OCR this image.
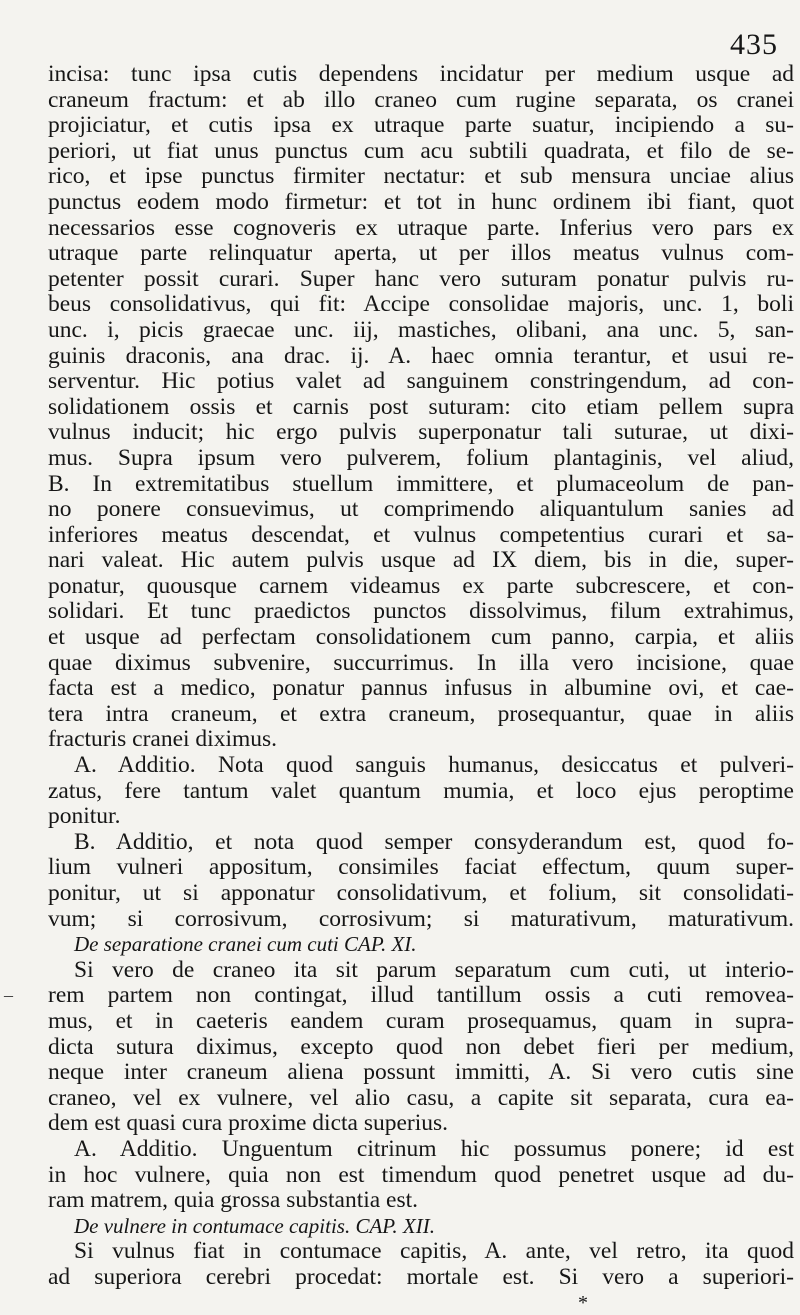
435
incisa: tunc ipsa cutis dependens incidatur per medium usque ad
craneum fractum: et ab illo craneo cum rugine separata, os cranei
projiciatur, et cutis ipsa ex utraque parte suatur, incipiendo a su-
periori, ut fiat unus punctus cum acu subtili quadrata, et filo de se-
rico, et ipse punctus firmiter nectatur: et sub mensura unciae alius
punctus eodem modo firmetur: et tot in hunc ordinem ibi fiant, quot
necessarios esse cognoveris ex utraque parte. Inferius vero pars ex
utraque parte relinquatur aperta, ut per illos meatus vulnus com-
petenter possit curari. Super hanc vero suturam ponatur pulvis ru-
beus consolidativus, qui fit: Accipe consolidae majoris, unc. 1, boli
unc. i, picis graecae unc. iij, mastiches, olibani, ana unc. 5, san-
guinis draconis, ana drac. ij. A. haec omnia terantur, et usui re-
serventur. Hic potius valet ad sanguinem constringendum, ad con-
solidationem ossis et carnis post suturam: cito etiam pellem supra
vulnus inducit; hic ergo pulvis superponatur tali suturae, ut dixi-
mus. Supra ipsum vero pulverem, folium plantaginis, vel aliud,
B. In extremitatibus stuellum immittere, et plumaceolum de pan-
no ponere consuevimus, ut comprimendo aliquantulum sanies ad
inferiores meatus descendat, et vulnus competentius curari et sa-
nari valeat. Hic autem pulvis usque ad IX diem, bis in die, super-
ponatur, quousque carnem videamus ex parte subcrescere, et con-
solidari. Et tunc praedictos punctos dissolvimus, filum extrahimus,
et usque ad perfectam consolidationem cum panno, carpia, et aliis
quae diximus subvenire, succurrimus. In illa vero incisione, quae
facta est a medico, ponatur pannus infusus in albumine ovi, et cae-
tera intra craneum, et extra craneum, prosequantur, quae in aliis
fracturis cranei diximus.
A. Additio. Nota quod sanguis humanus, desiccatus et pulveri-
zatus, fere tantum valet quantum mumia, et loco ejus peroptime
ponitur.
B. Additio, et nota quod semper consyderandum est, quod fo-
lium vulneri appositum, consimiles faciat effectum, quum super-
ponitur, ut si apponatur consolidativum, et folium, sit consolidati-
vum; si corrosivum, corrosivum; si maturativum, maturativum.
De separatione cranei cum cuti CAP. XI.
Si vero de craneo ita sit parum separatum cum cuti, ut interio-
rem partem non contingat, illud tantillum ossis a cuti removea-
mus, et in caeteris eandem curam prosequamus, quam in supra-
dicta sutura diximus, excepto quod non debet fieri per medium,
neque inter craneum aliena possunt immitti, A. Si vero cutis sine
craneo, vel ex vulnere, vel alio casu, a capite sit separata, cura ea-
dem est quasi cura proxime dicta superius.
A. Additio. Unguentum citrinum hic possumus ponere; id est
in hoc vulnere, quia non est timendum quod penetret usque ad du-
ram matrem, quia grossa substantia est.
De vulnere in contumace capitis. CAP. XII.
Si vulnus fiat in contumace capitis, A. ante, vel retro, ita quod
ad superiora cerebri procedat: mortale est. Si vero a superiori-
–
*
